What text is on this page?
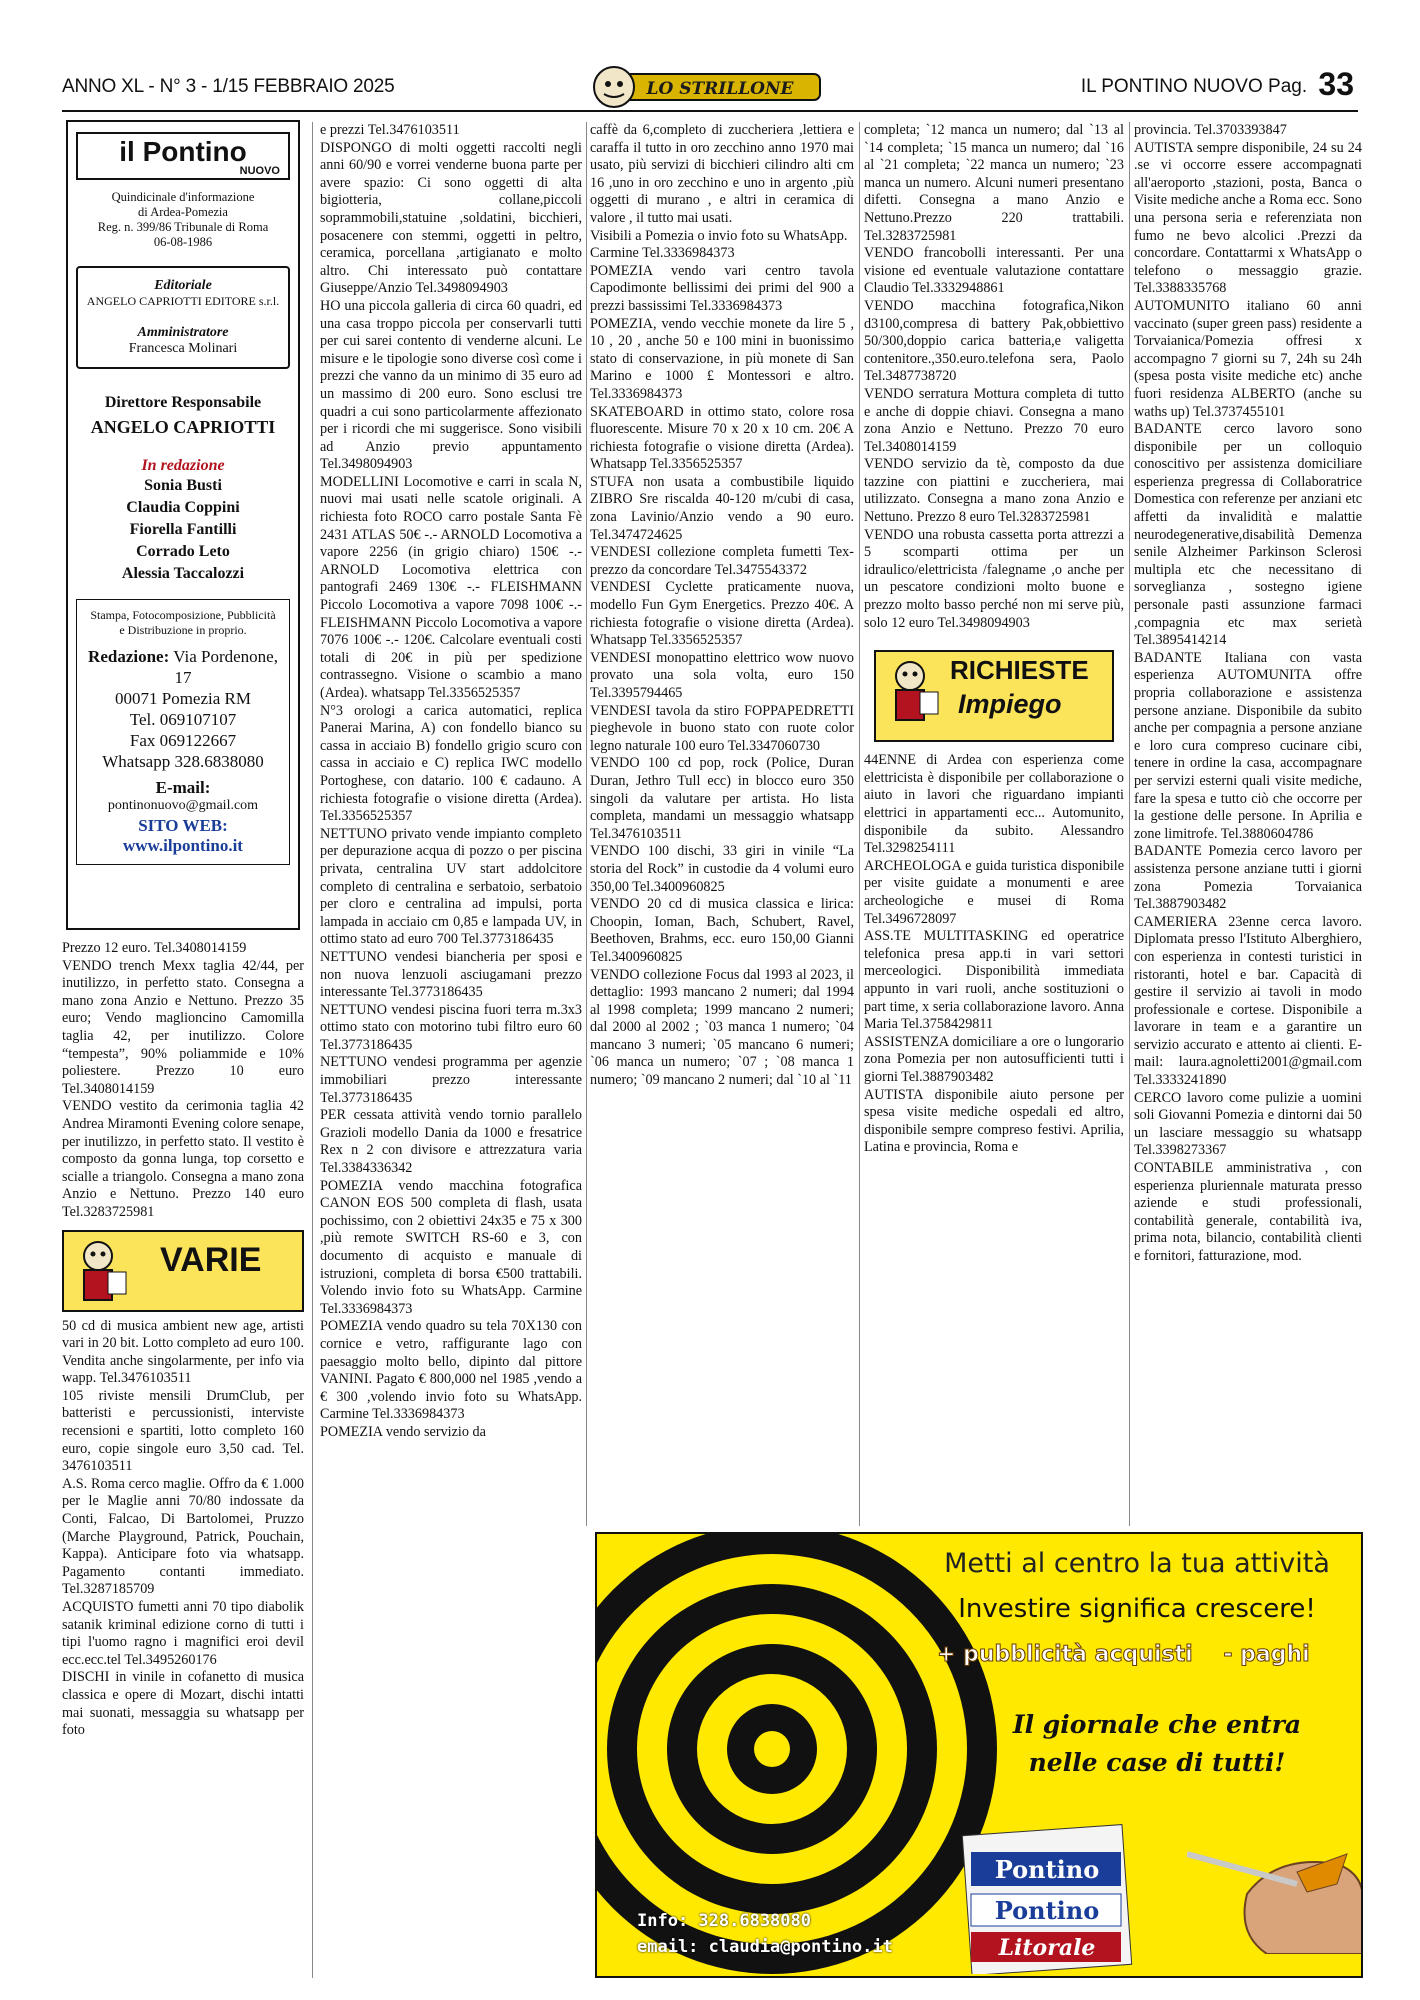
ANNO XL - N° 3 - 1/15 FEBBRAIO 2025	LO STRILLONE	IL PONTINO NUOVO Pag. 33
il Pontino
NUOVO
Quindicinale d'informazione
di Ardea-Pomezia
Reg. n. 399/86 Tribunale di Roma
06-08-1986
Editoriale
ANGELO CAPRIOTTI EDITORE s.r.l.
Amministratore
Francesca Molinari
Direttore Responsabile
ANGELO CAPRIOTTI
In redazione
Sonia Busti
Claudia Coppini
Fiorella Fantilli
Corrado Leto
Alessia Taccalozzi
Stampa, Fotocomposizione, Pubblicità
e Distribuzione in proprio.
Redazione: Via Pordenone, 17
00071 Pomezia RM
Tel. 069107107
Fax 069122667
Whatsapp 328.6838080
E-mail: pontinonuovo@gmail.com
SITO WEB: www.ilpontino.it
Prezzo 12 euro. Tel.3408014159
VENDO trench Mexx taglia 42/44, per inutilizzo, in perfetto stato. Consegna a mano zona Anzio e Nettuno. Prezzo 35 euro; Vendo maglioncino Camomilla taglia 42, per inutilizzo. Colore “tempesta”, 90% poliammide e 10% poliestere. Prezzo 10 euro Tel.3408014159
VENDO vestito da cerimonia taglia 42 Andrea Miramonti Evening colore senape, per inutilizzo, in perfetto stato. Il vestito è composto da gonna lunga, top corsetto e scialle a triangolo. Consegna a mano zona Anzio e Nettuno. Prezzo 140 euro Tel.3283725981
VARIE
50 cd di musica ambient new age, artisti vari in 20 bit. Lotto completo ad euro 100. Vendita anche singolarmente, per info via wapp. Tel.3476103511
105 riviste mensili DrumClub, per batteristi e percussionisti, interviste recensioni e spartiti, lotto completo 160 euro, copie singole euro 3,50 cad. Tel. 3476103511
A.S. Roma cerco maglie. Offro da € 1.000 per le Maglie anni 70/80 indossate da Conti, Falcao, Di Bartolomei, Pruzzo (Marche Playground, Patrick, Pouchain, Kappa). Anticipare foto via whatsapp. Pagamento contanti immediato. Tel.3287185709
ACQUISTO fumetti anni 70 tipo diabolik satanik kriminal edizione corno di tutti i tipi l'uomo ragno i magnifici eroi devil ecc.ecc.tel Tel.3495260176
DISCHI in vinile in cofanetto di musica classica e opere di Mozart, dischi intatti mai suonati, messaggia su whatsapp per foto
e prezzi Tel.3476103511
DISPONGO di molti oggetti raccolti negli anni 60/90 e vorrei venderne buona parte per avere spazio: Ci sono oggetti di alta bigiotteria, collane,piccoli soprammobili,statuine ,soldatini, bicchieri, posacenere con stemmi, oggetti in peltro, ceramica, porcellana ,artigianato e molto altro. Chi interessato può contattare Giuseppe/Anzio Tel.3498094903
HO una piccola galleria di circa 60 quadri, ed una casa troppo piccola per conservarli tutti per cui sarei contento di venderne alcuni. Le misure e le tipologie sono diverse così come i prezzi che vanno da un minimo di 35 euro ad un massimo di 200 euro. Sono esclusi tre quadri a cui sono particolarmente affezionato per i ricordi che mi suggerisce. Sono visibili ad Anzio previo appuntamento Tel.3498094903
MODELLINI Locomotive e carri in scala N, nuovi mai usati nelle scatole originali. A richiesta foto ROCO carro postale Santa Fè 2431 ATLAS 50€ -.- ARNOLD Locomotiva a vapore 2256 (in grigio chiaro) 150€ -.- ARNOLD Locomotiva elettrica con pantografi 2469 130€ -.- FLEISHMANN Piccolo Locomotiva a vapore 7098 100€ -.- FLEISHMANN Piccolo Locomotiva a vapore 7076 100€ -.- 120€. Calcolare eventuali costi totali di 20€ in più per spedizione contrassegno. Visione o scambio a mano (Ardea). whatsapp Tel.3356525357
N°3 orologi a carica automatici, replica Panerai Marina, A) con fondello bianco su cassa in acciaio B) fondello grigio scuro con cassa in acciaio e C) replica IWC modello Portoghese, con datario. 100 € cadauno. A richiesta fotografie o visione diretta (Ardea). Tel.3356525357
NETTUNO privato vende impianto completo per depurazione acqua di pozzo o per piscina privata, centralina UV start addolcitore completo di centralina e serbatoio, serbatoio per cloro e centralina ad impulsi, porta lampada in acciaio cm 0,85 e lampada UV, in ottimo stato ad euro 700 Tel.3773186435
NETTUNO vendesi biancheria per sposi e non nuova lenzuoli asciugamani prezzo interessante Tel.3773186435
NETTUNO vendesi piscina fuori terra m.3x3 ottimo stato con motorino tubi filtro euro 60 Tel.3773186435
NETTUNO vendesi programma per agenzie immobiliari prezzo interessante Tel.3773186435
PER cessata attività vendo tornio parallelo Grazioli modello Dania da 1000 e fresatrice Rex n 2 con divisore e attrezzatura varia Tel.3384336342
POMEZIA vendo macchina fotografica CANON EOS 500 completa di flash, usata pochissimo, con 2 obiettivi 24x35 e 75 x 300 ,più remote SWITCH RS-60 e 3, con documento di acquisto e manuale di istruzioni, completa di borsa €500 trattabili. Volendo invio foto su WhatsApp. Carmine Tel.3336984373
POMEZIA vendo quadro su tela 70X130 con cornice e vetro, raffigurante lago con paesaggio molto bello, dipinto dal pittore VANINI. Pagato € 800,000 nel 1985 ,vendo a € 300 ,volendo invio foto su WhatsApp. Carmine Tel.3336984373
POMEZIA vendo servizio da
caffè da 6,completo di zuccheriera ,lettiera e caraffa il tutto in oro zecchino anno 1970 mai usato, più servizi di bicchieri cilindro alti cm 16 ,uno in oro zecchino e uno in argento ,più oggetti di murano , e altri in ceramica di valore , il tutto mai usati.
Visibili a Pomezia o invio foto su WhatsApp.
Carmine Tel.3336984373
POMEZIA vendo vari centro tavola Capodimonte bellissimi dei primi del 900 a prezzi bassissimi Tel.3336984373
POMEZIA, vendo vecchie monete da lire 5 , 10 , 20 , anche 50 e 100 mini in buonissimo stato di conservazione, in più monete di San Marino e 1000 £ Montessori e altro. Tel.3336984373
SKATEBOARD in ottimo stato, colore rosa fluorescente. Misure 70 x 20 x 10 cm. 20€ A richiesta fotografie o visione diretta (Ardea). Whatsapp Tel.3356525357
STUFA non usata a combustibile liquido ZIBRO Sre riscalda 40-120 m/cubi di casa, zona Lavinio/Anzio vendo a 90 euro. Tel.3474724625
VENDESI collezione completa fumetti Tex- prezzo da concordare Tel.3475543372
VENDESI Cyclette praticamente nuova, modello Fun Gym Energetics. Prezzo 40€. A richiesta fotografie o visione diretta (Ardea). Whatsapp Tel.3356525357
VENDESI monopattino elettrico wow nuovo provato una sola volta, euro 150 Tel.3395794465
VENDESI tavola da stiro FOPPAPEDRETTI pieghevole in buono stato con ruote color legno naturale 100 euro Tel.3347060730
VENDO 100 cd pop, rock (Police, Duran Duran, Jethro Tull ecc) in blocco euro 350 singoli da valutare per artista. Ho lista completa, mandami un messaggio whatsapp Tel.3476103511
VENDO 100 dischi, 33 giri in vinile “La storia del Rock” in custodie da 4 volumi euro 350,00 Tel.3400960825
VENDO 20 cd di musica classica e lirica: Choopin, Ioman, Bach, Schubert, Ravel, Beethoven, Brahms, ecc. euro 150,00 Gianni Tel.3400960825
VENDO collezione Focus dal 1993 al 2023, il dettaglio: 1993 mancano 2 numeri; dal 1994 al 1998 completa; 1999 mancano 2 numeri; dal 2000 al 2002 ; `03 manca 1 numero; `04 mancano 3 numeri; `05 mancano 6 numeri; `06 manca un numero; `07 ; `08 manca 1 numero; `09 mancano 2 numeri; dal `10 al `11
completa; `12 manca un numero; dal `13 al `14 completa; `15 manca un numero; dal `16 al `21 completa; `22 manca un numero; `23 manca un numero. Alcuni numeri presentano difetti. Consegna a mano Anzio e Nettuno.Prezzo 220 trattabili. Tel.3283725981
VENDO francobolli interessanti. Per una visione ed eventuale valutazione contattare Claudio Tel.3332948861
VENDO macchina fotografica,Nikon d3100,compresa di battery Pak,obbiettivo 50/300,doppio carica batteria,e valigetta contenitore.,350.euro.telefona sera, Paolo Tel.3487738720
VENDO serratura Mottura completa di tutto e anche di doppie chiavi. Consegna a mano zona Anzio e Nettuno. Prezzo 70 euro Tel.3408014159
VENDO servizio da tè, composto da due tazzine con piattini e zuccheriera, mai utilizzato. Consegna a mano zona Anzio e Nettuno. Prezzo 8 euro Tel.3283725981
VENDO una robusta cassetta porta attrezzi a 5 scomparti ottima per un idraulico/elettricista /falegname ,o anche per un pescatore condizioni molto buone e prezzo molto basso perché non mi serve più, solo 12 euro Tel.3498094903
RICHIESTE
Impiego
44ENNE di Ardea con esperienza come elettricista è disponibile per collaborazione o aiuto in lavori che riguardano impianti elettrici in appartamenti ecc... Automunito, disponibile da subito. Alessandro Tel.3298254111
ARCHEOLOGA e guida turistica disponibile per visite guidate a monumenti e aree archeologiche e musei di Roma Tel.3496728097
ASS.TE MULTITASKING ed operatrice telefonica presa app.ti in vari settori merceologici. Disponibilità immediata appunto in vari ruoli, anche sostituzioni o part time, x seria collaborazione lavoro. Anna Maria Tel.3758429811
ASSISTENZA domiciliare a ore o lungorario zona Pomezia per non autosufficienti tutti i giorni Tel.3887903482
AUTISTA disponibile aiuto persone per spesa visite mediche ospedali ed altro, disponibile sempre compreso festivi. Aprilia, Latina e provincia, Roma e
provincia. Tel.3703393847
AUTISTA sempre disponibile, 24 su 24 .se vi occorre essere accompagnati all'aeroporto ,stazioni, posta, Banca o Visite mediche anche a Roma ecc. Sono una persona seria e referenziata non fumo ne bevo alcolici .Prezzi da concordare. Contattarmi x WhatsApp o telefono o messaggio grazie. Tel.3388335768
AUTOMUNITO italiano 60 anni vaccinato (super green pass) residente a Torvaianica/Pomezia offresi x accompagno 7 giorni su 7, 24h su 24h (spesa posta visite mediche etc) anche fuori residenza ALBERTO (anche su waths up) Tel.3737455101
BADANTE cerco lavoro sono disponibile per un colloquio conoscitivo per assistenza domiciliare esperienza pregressa di Collaboratrice Domestica con referenze per anziani etc affetti da invalidità e malattie neurodegenerative,disabilità Demenza senile Alzheimer Parkinson Sclerosi multipla etc che necessitano di sorveglianza , sostegno igiene personale pasti assunzione farmaci ,compagnia etc max serietà Tel.3895414214
BADANTE Italiana con vasta esperienza AUTOMUNITA offre propria collaborazione e assistenza persone anziane. Disponibile da subito anche per compagnia a persone anziane e loro cura compreso cucinare cibi, tenere in ordine la casa, accompagnare per servizi esterni quali visite mediche, fare la spesa e tutto ciò che occorre per la gestione delle persone. In Aprilia e zone limitrofe. Tel.3880604786
BADANTE Pomezia cerco lavoro per assistenza persone anziane tutti i giorni zona Pomezia Torvaianica Tel.3887903482
CAMERIERA 23enne cerca lavoro. Diplomata presso l'Istituto Alberghiero, con esperienza in contesti turistici in ristoranti, hotel e bar. Capacità di gestire il servizio ai tavoli in modo professionale e cortese. Disponibile a lavorare in team e a garantire un servizio accurato e attento ai clienti. E-mail: laura.agnoletti2001@gmail.com Tel.3333241890
CERCO lavoro come pulizie a uomini soli Giovanni Pomezia e dintorni dai 50 un lasciare messaggio su whatsapp Tel.3398273367
CONTABILE amministrativa , con esperienza pluriennale maturata presso aziende e studi professionali, contabilità generale, contabilità iva, prima nota, bilancio, contabilità clienti e fornitori, fatturazione, mod.
Metti al centro la tua attività
Investire significa crescere!
+ pubblicità acquisti - paghi
Il giornale che entra
nelle case di tutti!
Pontino
Pontino
Litorale
Info: 328.6838080
email: claudia@pontino.it
